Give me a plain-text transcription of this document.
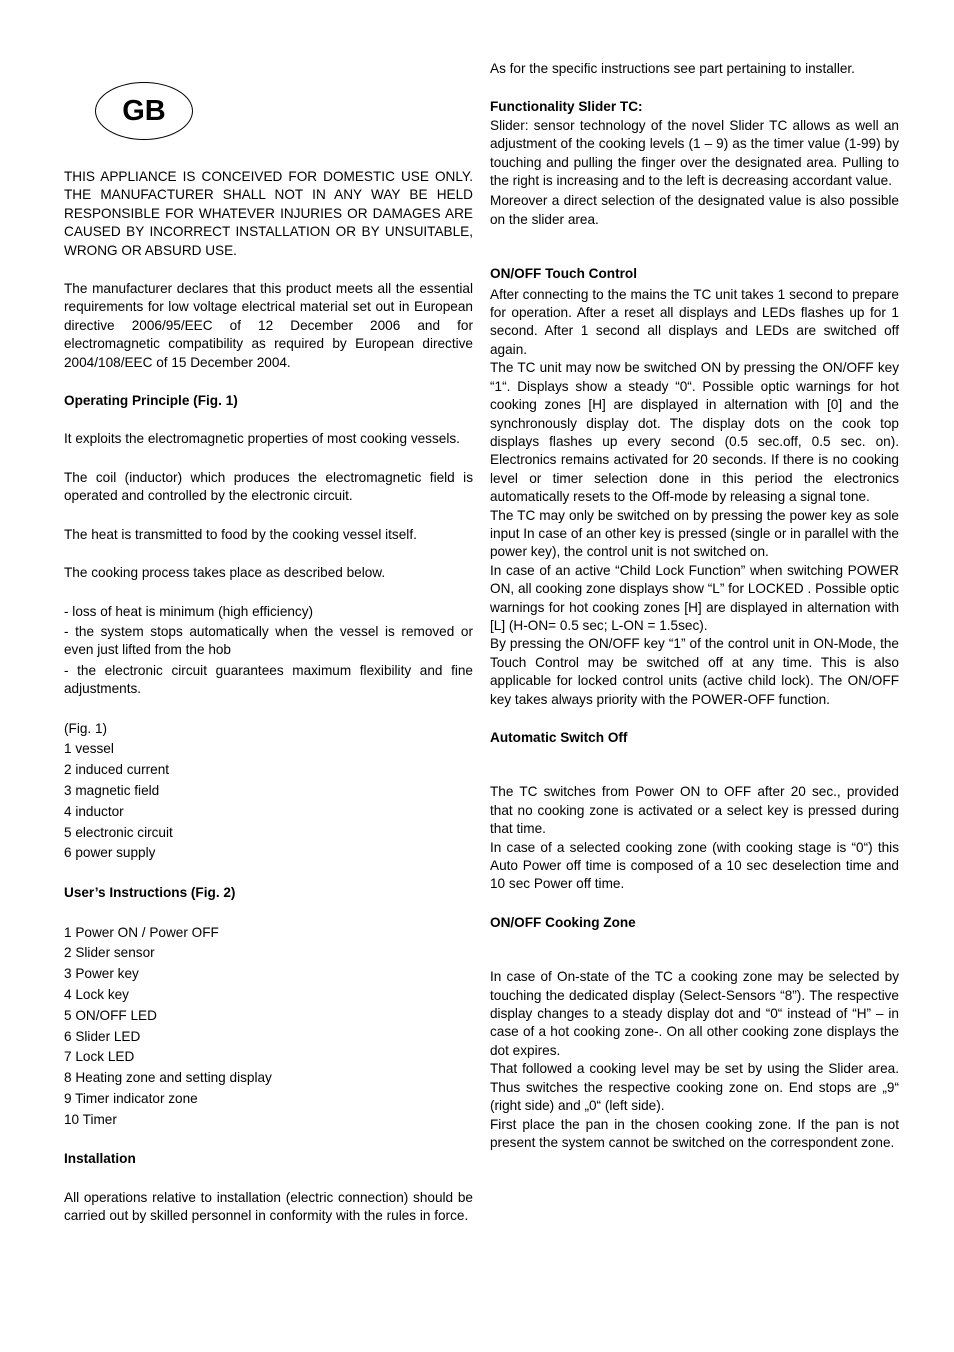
GB

THIS APPLIANCE IS CONCEIVED FOR DOMESTIC USE ONLY. THE MANUFACTURER SHALL NOT IN ANY WAY BE HELD RESPONSIBLE FOR WHATEVER INJURIES OR DAMAGES ARE CAUSED BY INCORRECT INSTALLATION OR BY UNSUITABLE, WRONG OR ABSURD USE.

The manufacturer declares that this product meets all the essential requirements for low voltage electrical material set out in European directive 2006/95/EEC of 12 December 2006 and for electromagnetic compatibility as required by European directive 2004/108/EEC of 15 December 2004.

Operating Principle (Fig. 1)

It exploits the electromagnetic properties of most cooking vessels.

The coil (inductor) which produces the electromagnetic field is operated and controlled by the electronic circuit.

The heat is transmitted to food by the cooking vessel itself.

The cooking process takes place as described below.

- loss of heat is minimum (high efficiency)

- the system stops automatically when the vessel is removed or even just lifted from the hob

- the electronic circuit guarantees maximum flexibility and fine adjustments.

(Fig. 1)
1 vessel
2 induced current
3 magnetic field
4 inductor
5 electronic circuit
6 power supply

User’s Instructions (Fig. 2)

1 Power ON / Power OFF
2 Slider sensor
3 Power key
4 Lock key
5 ON/OFF LED
6 Slider LED
7 Lock LED
8 Heating zone and setting display
9 Timer indicator zone
10 Timer

Installation

All operations relative to installation (electric connection) should be carried out by skilled personnel in conformity with the rules in force.

As for the specific instructions see part pertaining to installer.

Functionality Slider TC:

Slider: sensor technology of the novel Slider TC allows as well an adjustment of the cooking levels (1 – 9) as the timer value (1-99) by touching and pulling the finger over the designated area. Pulling to the right is increasing and to the left is decreasing accordant value.

Moreover a direct selection of the designated value is also possible on the slider area.

ON/OFF Touch Control

After connecting to the mains the TC unit takes 1 second to prepare for operation. After a reset all displays and LEDs flashes up for 1 second. After 1 second all displays and LEDs are switched off again.

The TC unit may now be switched ON by pressing the ON/OFF key “1“. Displays show a steady “0“. Possible optic warnings for hot cooking zones [H] are displayed in alternation with [0] and the synchronously display dot. The display dots on the cook top displays flashes up every second (0.5 sec.off, 0.5 sec. on). Electronics remains activated for 20 seconds. If there is no cooking level or timer selection done in this period the electronics automatically resets to the Off-mode by releasing a signal tone.

The TC may only be switched on by pressing the power key as sole input In case of an other key is pressed (single or in parallel with the power key), the control unit is not switched on.

In case of an active “Child Lock Function” when switching POWER ON, all cooking zone displays show “L” for LOCKED . Possible optic warnings for hot cooking zones [H] are displayed in alternation with [L] (H-ON= 0.5 sec; L-ON = 1.5sec).

By pressing the ON/OFF key “1” of the control unit in ON-Mode, the Touch Control may be switched off at any time. This is also applicable for locked control units (active child lock). The ON/OFF key takes always priority with the POWER-OFF function.

Automatic Switch Off

The TC switches from Power ON to OFF after 20 sec., provided that no cooking zone is activated or a select key is pressed during that time.

In case of a selected cooking zone (with cooking stage is “0“) this Auto Power off time is composed of a 10 sec deselection time and 10 sec Power off time.

ON/OFF Cooking Zone

In case of On-state of the TC a cooking zone may be selected by touching the dedicated display (Select-Sensors “8”). The respective display changes to a steady display dot and “0“ instead of “H” – in case of a hot cooking zone-. On all other cooking zone displays the dot expires.

That followed a cooking level may be set by using the Slider area. Thus switches the respective cooking zone on. End stops are „9“ (right side) and „0“ (left side).

First place the pan in the chosen cooking zone. If the pan is not present the system cannot be switched on the correspondent zone.
